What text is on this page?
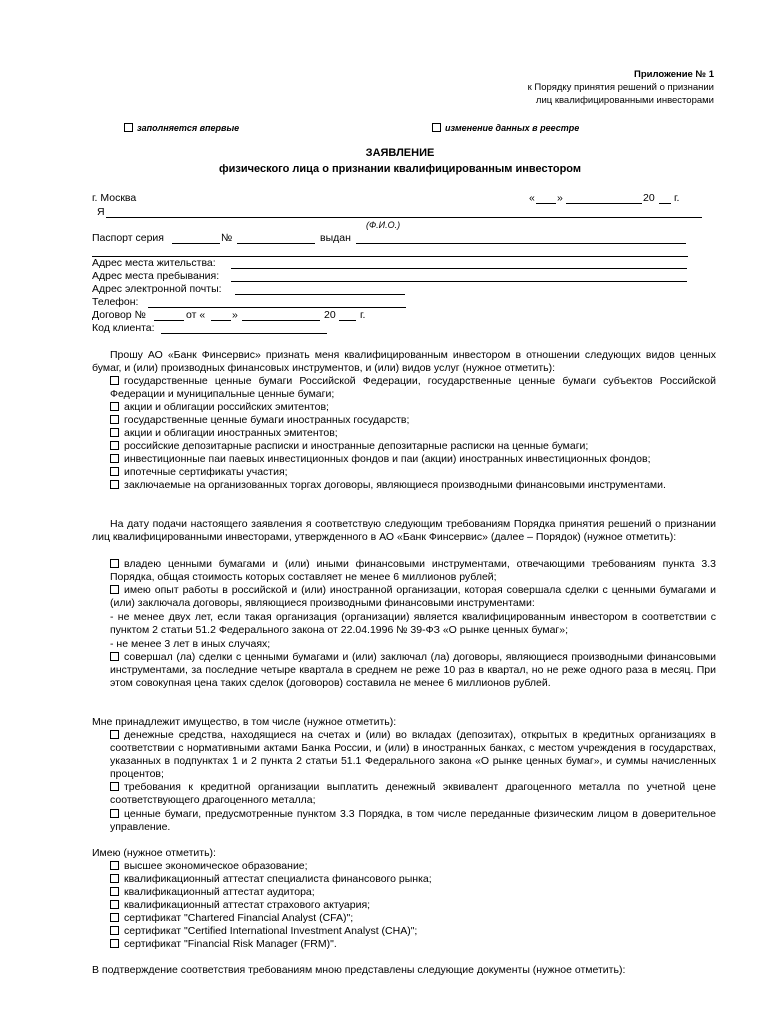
Приложение № 1
к Порядку принятия решений о признании
лиц квалифицированными инвесторами
заполняется впервые	изменение данных в реестре
ЗАЯВЛЕНИЕ
физического лица о признании квалифицированным инвестором
г. Москва	« »	20 г.
Я
(Ф.И.О.)
Паспорт серия	№	выдан
Адрес места жительства:
Адрес места пребывания:
Адрес электронной почты:
Телефон:
Договор №	от «	»	20 г.
Код клиента:

Прошу АО «Банк Финсервис» признать меня квалифицированным инвестором в отношении следующих видов ценных бумаг, и (или) производных финансовых инструментов, и (или) видов услуг (нужное отметить):

государственные ценные бумаги Российской Федерации, государственные ценные бумаги субъектов Российской Федерации и муниципальные ценные бумаги;
акции и облигации российских эмитентов;
государственные ценные бумаги иностранных государств;
акции и облигации иностранных эмитентов;
российские депозитарные расписки и иностранные депозитарные расписки на ценные бумаги;
инвестиционные паи паевых инвестиционных фондов и паи (акции) иностранных инвестиционных фондов;
ипотечные сертификаты участия;
заключаемые на организованных торгах договоры, являющиеся производными финансовыми инструментами.

На дату подачи настоящего заявления я соответствую следующим требованиям Порядка принятия решений о признании лиц квалифицированными инвесторами, утвержденного в АО «Банк Финсервис» (далее – Порядок) (нужное отметить):

владею ценными бумагами и (или) иными финансовыми инструментами, отвечающими требованиям пункта 3.3 Порядка, общая стоимость которых составляет не менее 6 миллионов рублей;
имею опыт работы в российской и (или) иностранной организации, которая совершала сделки с ценными бумагами и (или) заключала договоры, являющиеся производными финансовыми инструментами:
- не менее двух лет, если такая организация (организации) является квалифицированным инвестором в соответствии с пунктом 2 статьи 51.2 Федерального закона от 22.04.1996 № 39-ФЗ «О рынке ценных бумаг»;
- не менее 3 лет в иных случаях;
совершал (ла) сделки с ценными бумагами и (или) заключал (ла) договоры, являющиеся производными финансовыми инструментами, за последние четыре квартала в среднем не реже 10 раз в квартал, но не реже одного раза в месяц. При этом совокупная цена таких сделок (договоров) составила не менее 6 миллионов рублей.

Мне принадлежит имущество, в том числе (нужное отметить):

денежные средства, находящиеся на счетах и (или) во вкладах (депозитах), открытых в кредитных организациях в соответствии с нормативными актами Банка России, и (или) в иностранных банках, с местом учреждения в государствах, указанных в подпунктах 1 и 2 пункта 2 статьи 51.1 Федерального закона «О рынке ценных бумаг», и суммы начисленных процентов;
требования к кредитной организации выплатить денежный эквивалент драгоценного металла по учетной цене соответствующего драгоценного металла;
ценные бумаги, предусмотренные пунктом 3.3 Порядка, в том числе переданные физическим лицом в доверительное управление.

Имею (нужное отметить):

высшее экономическое образование;
квалификационный аттестат специалиста финансового рынка;
квалификационный аттестат аудитора;
квалификационный аттестат страхового актуария;
сертификат "Chartered Financial Analyst (CFA)";
сертификат "Certified International Investment Analyst (CHA)";
сертификат "Financial Risk Manager (FRM)".

В подтверждение соответствия требованиям мною представлены следующие документы (нужное отметить):
